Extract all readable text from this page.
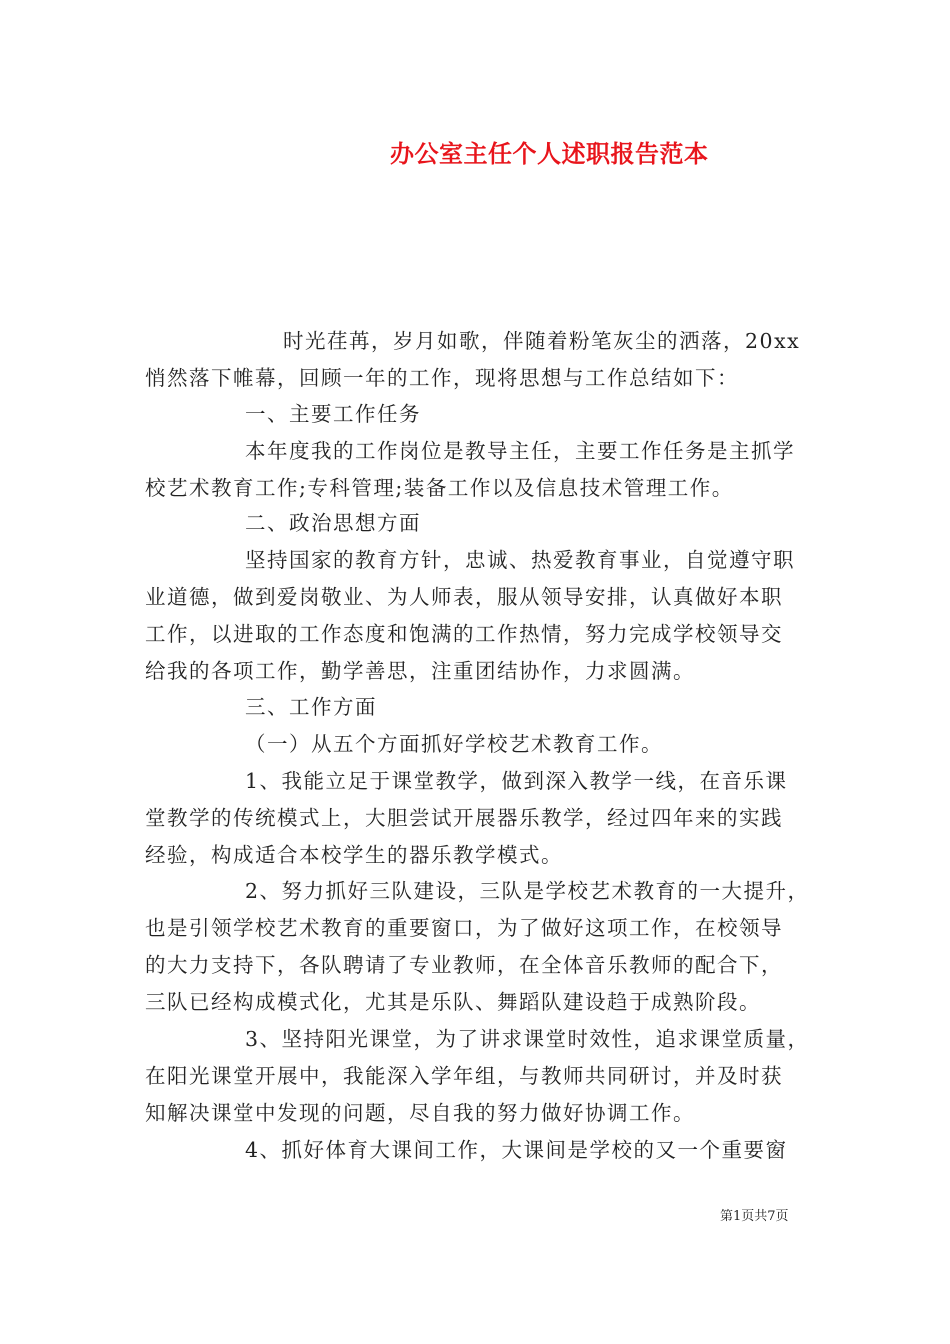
办公室主任个人述职报告范本
时光荏苒，岁月如歌，伴随着粉笔灰尘的洒落，20xx
悄然落下帷幕，回顾一年的工作，现将思想与工作总结如下：
一、主要工作任务
本年度我的工作岗位是教导主任，主要工作任务是主抓学
校艺术教育工作;专科管理;装备工作以及信息技术管理工作。
二、政治思想方面
坚持国家的教育方针，忠诚、热爱教育事业，自觉遵守职
业道德，做到爱岗敬业、为人师表，服从领导安排，认真做好本职
工作，以进取的工作态度和饱满的工作热情，努力完成学校领导交
给我的各项工作，勤学善思，注重团结协作，力求圆满。
三、工作方面
（一）从五个方面抓好学校艺术教育工作。
1、我能立足于课堂教学，做到深入教学一线，在音乐课
堂教学的传统模式上，大胆尝试开展器乐教学，经过四年来的实践
经验，构成适合本校学生的器乐教学模式。
2、努力抓好三队建设，三队是学校艺术教育的一大提升，
也是引领学校艺术教育的重要窗口，为了做好这项工作，在校领导
的大力支持下，各队聘请了专业教师，在全体音乐教师的配合下，
三队已经构成模式化，尤其是乐队、舞蹈队建设趋于成熟阶段。
3、坚持阳光课堂，为了讲求课堂时效性，追求课堂质量，
在阳光课堂开展中，我能深入学年组，与教师共同研讨，并及时获
知解决课堂中发现的问题，尽自我的努力做好协调工作。
4、抓好体育大课间工作，大课间是学校的又一个重要窗
第1页共7页
